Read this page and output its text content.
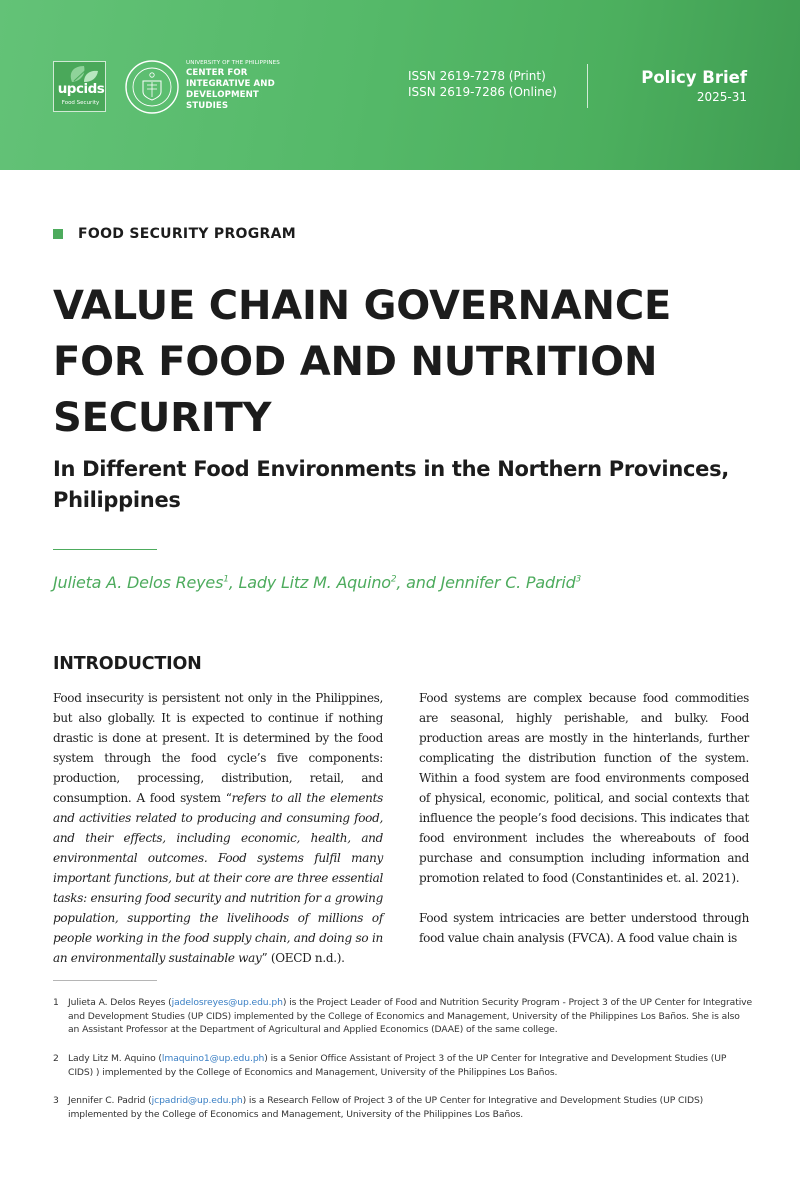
upcids
Food Security
UNIVERSITY OF THE PHILIPPINES
CENTER FOR
INTEGRATIVE AND
DEVELOPMENT
STUDIES
ISSN 2619-7278 (Print)
ISSN 2619-7286 (Online)
Policy Brief
2025-31
FOOD SECURITY PROGRAM
VALUE CHAIN GOVERNANCE
FOR FOOD AND NUTRITION
SECURITY
In Different Food Environments in the Northern Provinces,
Philippines
Julieta A. Delos Reyes$^1$, Lady Litz M. Aquino$^2$, and Jennifer C. Padrid$^3$
INTRODUCTION

Food insecurity is persistent not only in the Philippines, but also globally. It is expected to continue if nothing drastic is done at present. It is determined by the food system through the food cycle’s five components: production, processing, distribution, retail, and consumption. A food system “refers to all the elements and activities related to producing and consuming food, and their effects, including economic, health, and environmental outcomes. Food systems fulfil many important functions, but at their core are three essential tasks: ensuring food security and nutrition for a growing population, supporting the livelihoods of millions of people working in the food supply chain, and doing so in an environmentally sustainable way” (OECD n.d.).

Food systems are complex because food commodities are seasonal, highly perishable, and bulky. Food production areas are mostly in the hinterlands, further complicating the distribution function of the system. Within a food system are food environments composed of physical, economic, political, and social contexts that influence the people’s food decisions. This indicates that food environment includes the whereabouts of food purchase and consumption including information and promotion related to food (Constantinides et. al. 2021).

Food system intricacies are better understood through food value chain analysis (FVCA). A food value chain is

1 Julieta A. Delos Reyes (jadelosreyes@up.edu.ph) is the Project Leader of Food and Nutrition Security Program - Project 3 of the UP Center for Integrative and Development Studies (UP CIDS) implemented by the College of Economics and Management, University of the Philippines Los Baños. She is also an Assistant Professor at the Department of Agricultural and Applied Economics (DAAE) of the same college.
2 Lady Litz M. Aquino (lmaquino1@up.edu.ph) is a Senior Office Assistant of Project 3 of the UP Center for Integrative and Development Studies (UP CIDS) ) implemented by the College of Economics and Management, University of the Philippines Los Baños.
3 Jennifer C. Padrid (jcpadrid@up.edu.ph) is a Research Fellow of Project 3 of the UP Center for Integrative and Development Studies (UP CIDS) implemented by the College of Economics and Management, University of the Philippines Los Baños.
